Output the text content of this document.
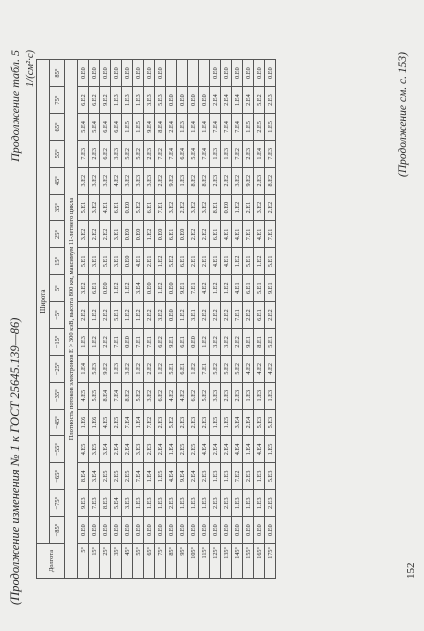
(Продолжение изменения № 1 к ГОСТ 25645.139—86)
Продолжение табл. 5 1/(см²·с)
Долгота	Широта																	
	−85°	−75°	−65°	−55°	−45°	−35°	−25°	−15°	−5°	5°	15°	25°	35°	45°	55°	65°	75°	85°
Плотность потоков электронов E > 300 кэВ, высота 800 км, максимум 11-летнего цикла																		
5°	0.E0	9.E3	8.E4	4.E5	1.E6	4.E5	1.E4	1.E3	2.E2	3.E2	5.E1	3.E2	5.E1	3.E2	7.E3	5.E4	6.E2	0.E0
15°	0.E0	7.E3	3.E4	3.E5	1.E6	5.E5	5.E3	1.E2	1.E2	6.E1	3.E1	2.E2	3.E2	3.E2	2.E3	5.E4	6.E2	0.E0
25°	0.E0	8.E3	2.E5	3.E4	4.E5	8.E4	9.E2	2.E2	2.E2	0.E0	5.E1	2.E2	4.E1	3.E2	6.E2	6.E4	9.E2	0.E0
35°	0.E0	5.E4	2.E5	2.E4	2.E5	7.E4	1.E3	7.E1	5.E1	1.E2	3.E1	3.E1	6.E1	4.E2	3.E3	6.E4	1.E3	0.E0
45°	0.E0	3.E3	2.E5	2.E4	7.E4	8.E2	3.E2	0.E0	1.E2	1.E2	0.E0	0.E0	0.E0	3.E2	5.E2	1.E5	1.E3	0.E0
55°	0.E0	1.E3	7.E4	3.E3	1.E4	5.E2	1.E2	7.E1	1.E2	3.E4	4.E1	0.E0	5.E2	3.E3	5.E2	1.E5	1.E3	0.E0
65°	0.E0	1.E3	1.E4	2.E3	7.E2	3.E2	2.E2	7.E1	2.E2	0.E0	2.E1	1.E2	6.E1	3.E3	2.E3	9.E4	3.E3	0.E0
75°	0.E0	1.E3	1.E5	2.E4	2.E3	6.E2	1.E2	6.E2	3.E2	1.E2	1.E2	0.E0	7.E1	2.E2	7.E2	8.E4	5.E3	0.E0
85°	0.E0	2.E3	4.E4	1.E4	5.E2	4.E2	5.E1	9.E1	0.E0	0.E0	5.E2	6.E1	3.E2	9.E2	7.E4	2.E4	0.E0	
95°	0.E0	1.E3	9.E4	2.E5	2.E3	4.E2	6.E1	6.E1	1.E2	9.E1	6.E1	0.E0	2.E2	1.E3	6.E4	1.E3	0.E0	
105°	0.E0	1.E3	2.E4	2.E5	2.E3	6.E2	1.E2	0.E0	3.E1	7.E1	2.E1	2.E2	3.E2	8.E2	5.E4	1.E4	0.E0	
115°	0.E0	1.E3	2.E3	4.E4	2.E3	5.E2	7.E1	1.E2	2.E2	4.E2	2.E1	2.E2	3.E2	8.E2	7.E4	1.E4	0.E0	
125°	0.E0	2.E3	1.E3	2.E4	1.E5	3.E3	5.E2	3.E2	2.E2	1.E2	4.E1	6.E1	8.E1	2.E3	1.E3	7.E4	2.E4	0.E0
135°	0.E0	2.E3	1.E3	2.E4	1.E5	2.E3	5.E2	3.E2	2.E2	1.E2	4.E1	4.E1	0.E0	2.E2	1.E3	7.E4	2.E4	0.E0
145°	0.E0	1.E3	7.E2	4.E4	3.E4	2.E3	5.E2	2.E2	7.E1	4.E1	1.E2	4.E1	1.E2	3.E2	7.E2	7.E4	1.E4	0.E0
155°	0.E0	1.E3	2.E3	1.E4	2.E4	1.E3	4.E2	9.E1	2.E2	6.E1	5.E1	7.E1	2.E1	9.E2	2.E3	1.E5	2.E4	0.E0
165°	0.E0	1.E3	1.E3	4.E4	5.E3	1.E3	4.E2	8.E1	6.E1	5.E1	1.E2	4.E1	3.E2	2.E3	1.E4	2.E5	5.E2	0.E0
175°	0.E0	2.E3	5.E3	1.E5	5.E3	1.E3	4.E2	5.E1	2.E2	9.E1	5.E1	7.E1	2.E2	8.E2	7.E3	1.E5	2.E3	0.E0
152
(Продолжение см. с. 153)
